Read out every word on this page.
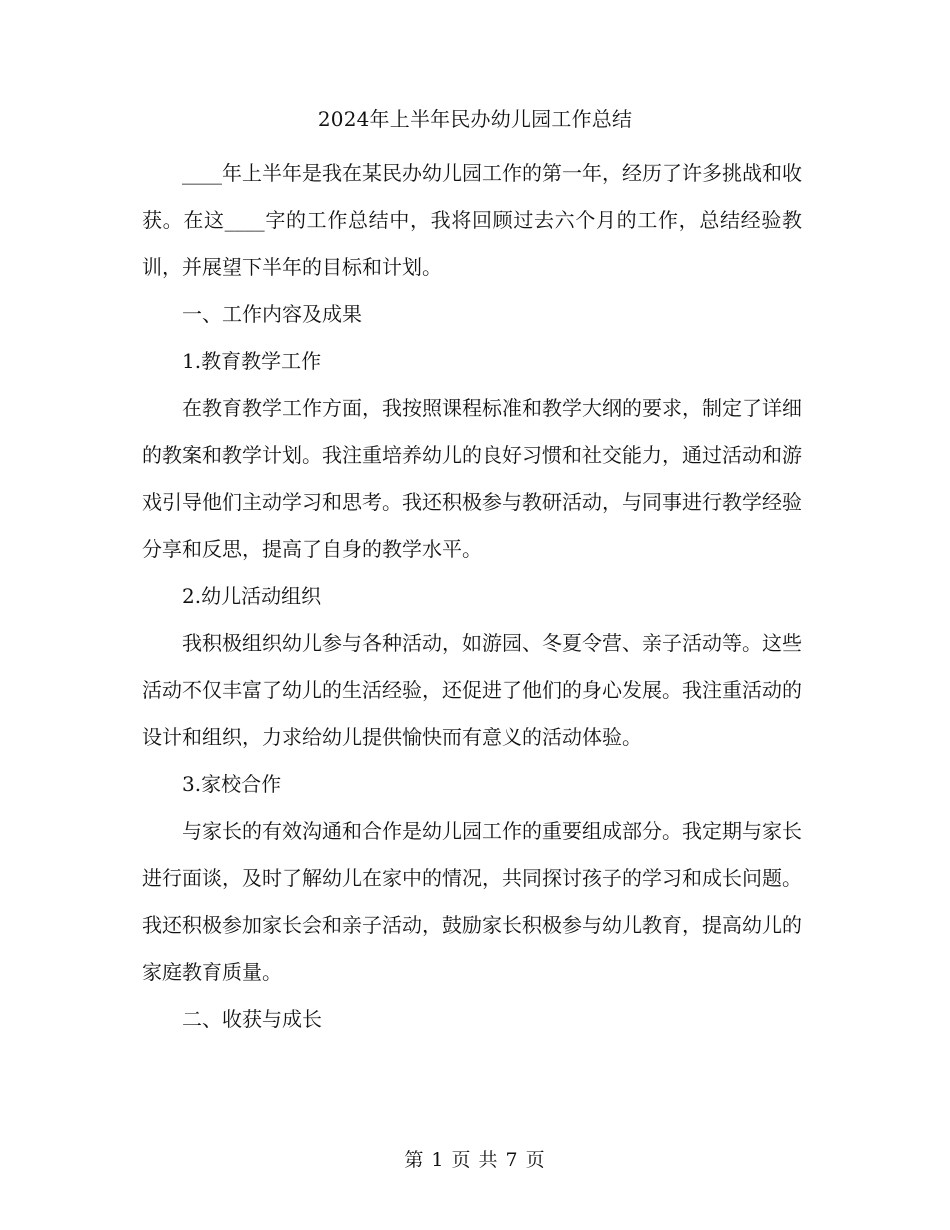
2024年上半年民办幼儿园工作总结

____年上半年是我在某民办幼儿园工作的第一年，经历了许多挑战和收获。在这____字的工作总结中，我将回顾过去六个月的工作，总结经验教训，并展望下半年的目标和计划。

一、工作内容及成果

1.教育教学工作

在教育教学工作方面，我按照课程标准和教学大纲的要求，制定了详细的教案和教学计划。我注重培养幼儿的良好习惯和社交能力，通过活动和游戏引导他们主动学习和思考。我还积极参与教研活动，与同事进行教学经验分享和反思，提高了自身的教学水平。

2.幼儿活动组织

我积极组织幼儿参与各种活动，如游园、冬夏令营、亲子活动等。这些活动不仅丰富了幼儿的生活经验，还促进了他们的身心发展。我注重活动的设计和组织，力求给幼儿提供愉快而有意义的活动体验。

3.家校合作

与家长的有效沟通和合作是幼儿园工作的重要组成部分。我定期与家长进行面谈，及时了解幼儿在家中的情况，共同探讨孩子的学习和成长问题。我还积极参加家长会和亲子活动，鼓励家长积极参与幼儿教育，提高幼儿的家庭教育质量。

二、收获与成长

第 1 页 共 7 页
